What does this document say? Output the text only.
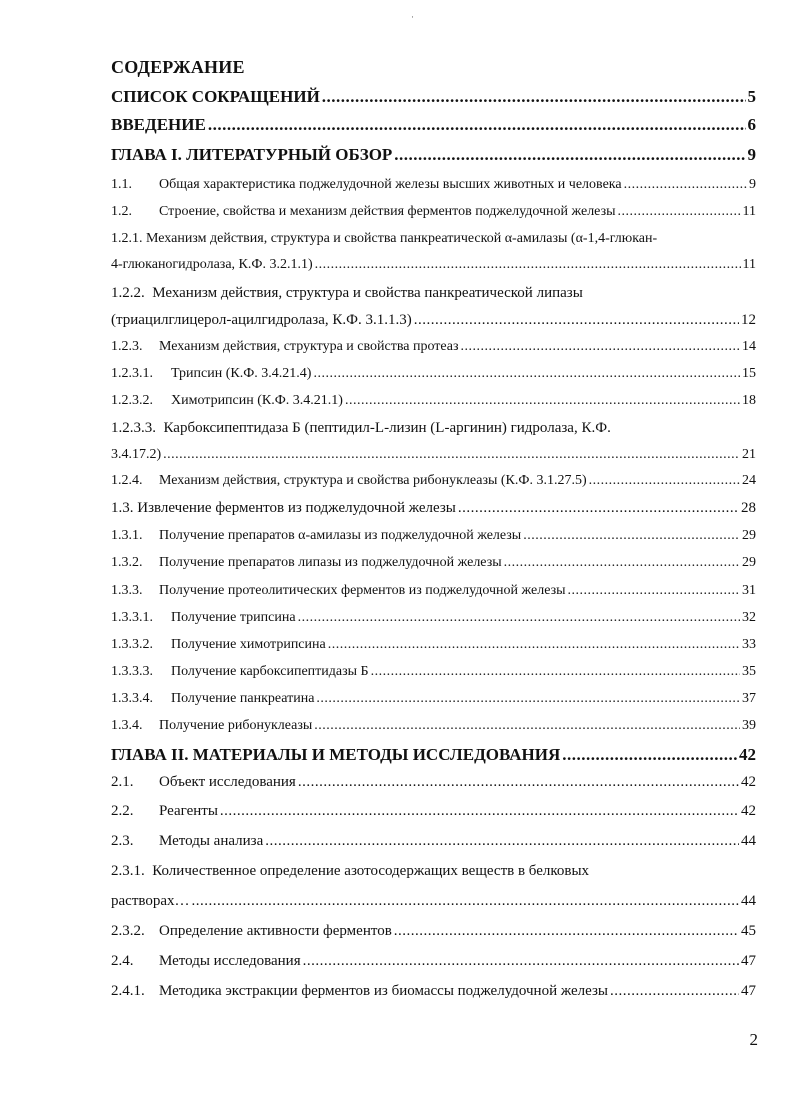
·
СОДЕРЖАНИЕ
СПИСОК СОКРАЩЕНИЙ .....	5
ВВЕДЕНИЕ .....	6
ГЛАВА I. ЛИТЕРАТУРНЫЙ ОБЗОР .....	9
1.1.	Общая характеристика поджелудочной железы высших животных и человека .....	9
1.2.	Строение, свойства и механизм действия ферментов поджелудочной железы .....	11
1.2.1. Механизм действия, структура и свойства панкреатической α-амилазы (α-1,4-глюкан-
4-глюканогидролаза, К.Ф. 3.2.1.1) .....	11
1.2.2. Механизм действия, структура и свойства панкреатической липазы
(триацилглицерол-ацилгидролаза, К.Ф. 3.1.1.3) .....	12
1.2.3.	Механизм действия, структура и свойства протеаз .....	14
1.2.3.1.	Трипсин (К.Ф. 3.4.21.4) .....	15
1.2.3.2.	Химотрипсин (К.Ф. 3.4.21.1) .....	18
1.2.3.3. Карбоксипептидаза Б (пептидил-L-лизин (L-аргинин) гидролаза, К.Ф.
3.4.17.2) .....	21
1.2.4.	Механизм действия, структура и свойства рибонуклеазы (К.Ф. 3.1.27.5) .....	24
1.3. Извлечение ферментов из поджелудочной железы .....	28
1.3.1.	Получение препаратов α-амилазы из поджелудочной железы .....	29
1.3.2.	Получение препаратов липазы из поджелудочной железы .....	29
1.3.3.	Получение протеолитических ферментов из поджелудочной железы .....	31
1.3.3.1.	Получение трипсина .....	32
1.3.3.2.	Получение химотрипсина .....	33
1.3.3.3.	Получение карбоксипептидазы Б .....	35
1.3.3.4.	Получение панкреатина .....	37
1.3.4.	Получение рибонуклеазы .....	39
ГЛАВА II. МАТЕРИАЛЫ И МЕТОДЫ ИССЛЕДОВАНИЯ .....	42
2.1.	Объект исследования .....	42
2.2.	Реагенты .....	42
2.3.	Методы анализа .....	44
2.3.1. Количественное определение азотосодержащих веществ в белковых
растворах… .....	44
2.3.2. Определение активности ферментов .....	45
2.4.	Методы исследования .....	47
2.4.1. Методика экстракции ферментов из биомассы поджелудочной железы .....	47
2
